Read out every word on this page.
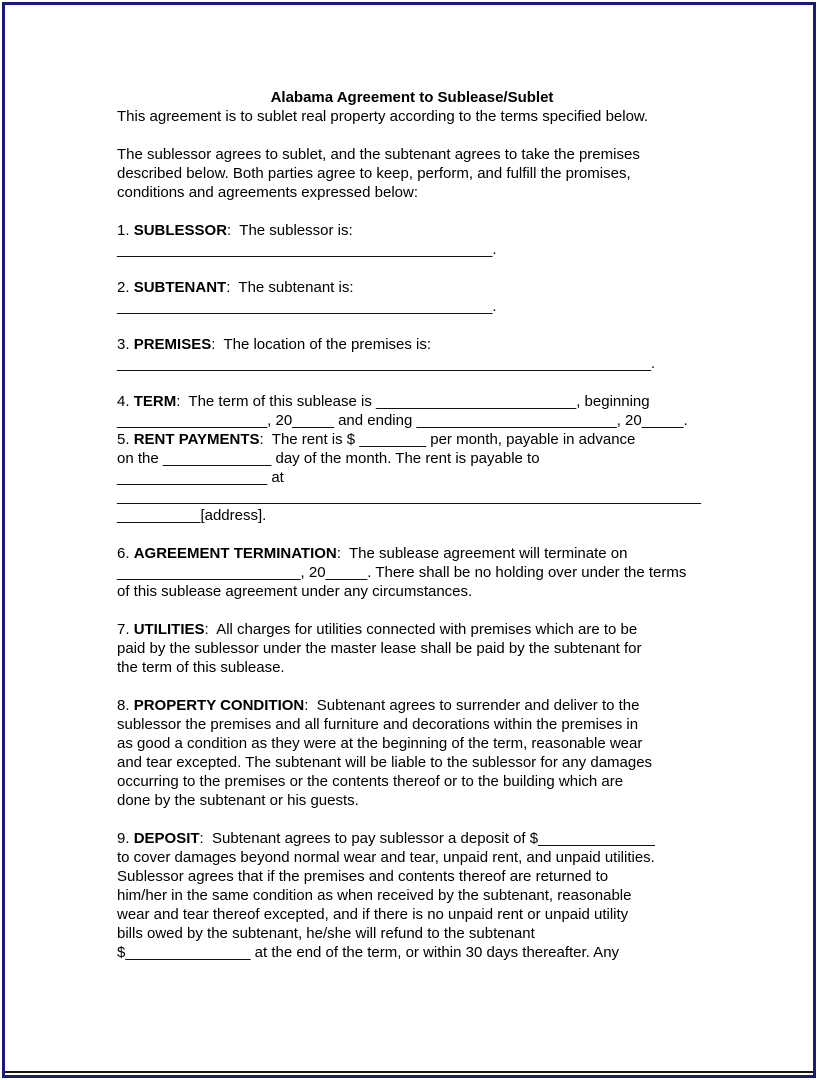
Alabama Agreement to Sublease/Sublet
This agreement is to sublet real property according to the terms specified below.

The sublessor agrees to sublet, and the subtenant agrees to take the premises
described below. Both parties agree to keep, perform, and fulfill the promises,
conditions and agreements expressed below:

1. SUBLESSOR:  The sublessor is:
_____________________________________________.

2. SUBTENANT:  The subtenant is:
_____________________________________________.

3. PREMISES:  The location of the premises is:
________________________________________________________________.

4. TERM:  The term of this sublease is ________________________, beginning
__________________, 20_____ and ending ________________________, 20_____.
5. RENT PAYMENTS:  The rent is $ ________ per month, payable in advance
on the _____________ day of the month. The rent is payable to
__________________ at
______________________________________________________________________
__________[address].

6. AGREEMENT TERMINATION:  The sublease agreement will terminate on
______________________, 20_____. There shall be no holding over under the terms
of this sublease agreement under any circumstances.

7. UTILITIES:  All charges for utilities connected with premises which are to be
paid by the sublessor under the master lease shall be paid by the subtenant for
the term of this sublease.

8. PROPERTY CONDITION:  Subtenant agrees to surrender and deliver to the
sublessor the premises and all furniture and decorations within the premises in
as good a condition as they were at the beginning of the term, reasonable wear
and tear excepted. The subtenant will be liable to the sublessor for any damages
occurring to the premises or the contents thereof or to the building which are
done by the subtenant or his guests.

9. DEPOSIT:  Subtenant agrees to pay sublessor a deposit of $______________
to cover damages beyond normal wear and tear, unpaid rent, and unpaid utilities.
Sublessor agrees that if the premises and contents thereof are returned to
him/her in the same condition as when received by the subtenant, reasonable
wear and tear thereof excepted, and if there is no unpaid rent or unpaid utility
bills owed by the subtenant, he/she will refund to the subtenant
$_______________ at the end of the term, or within 30 days thereafter. Any
